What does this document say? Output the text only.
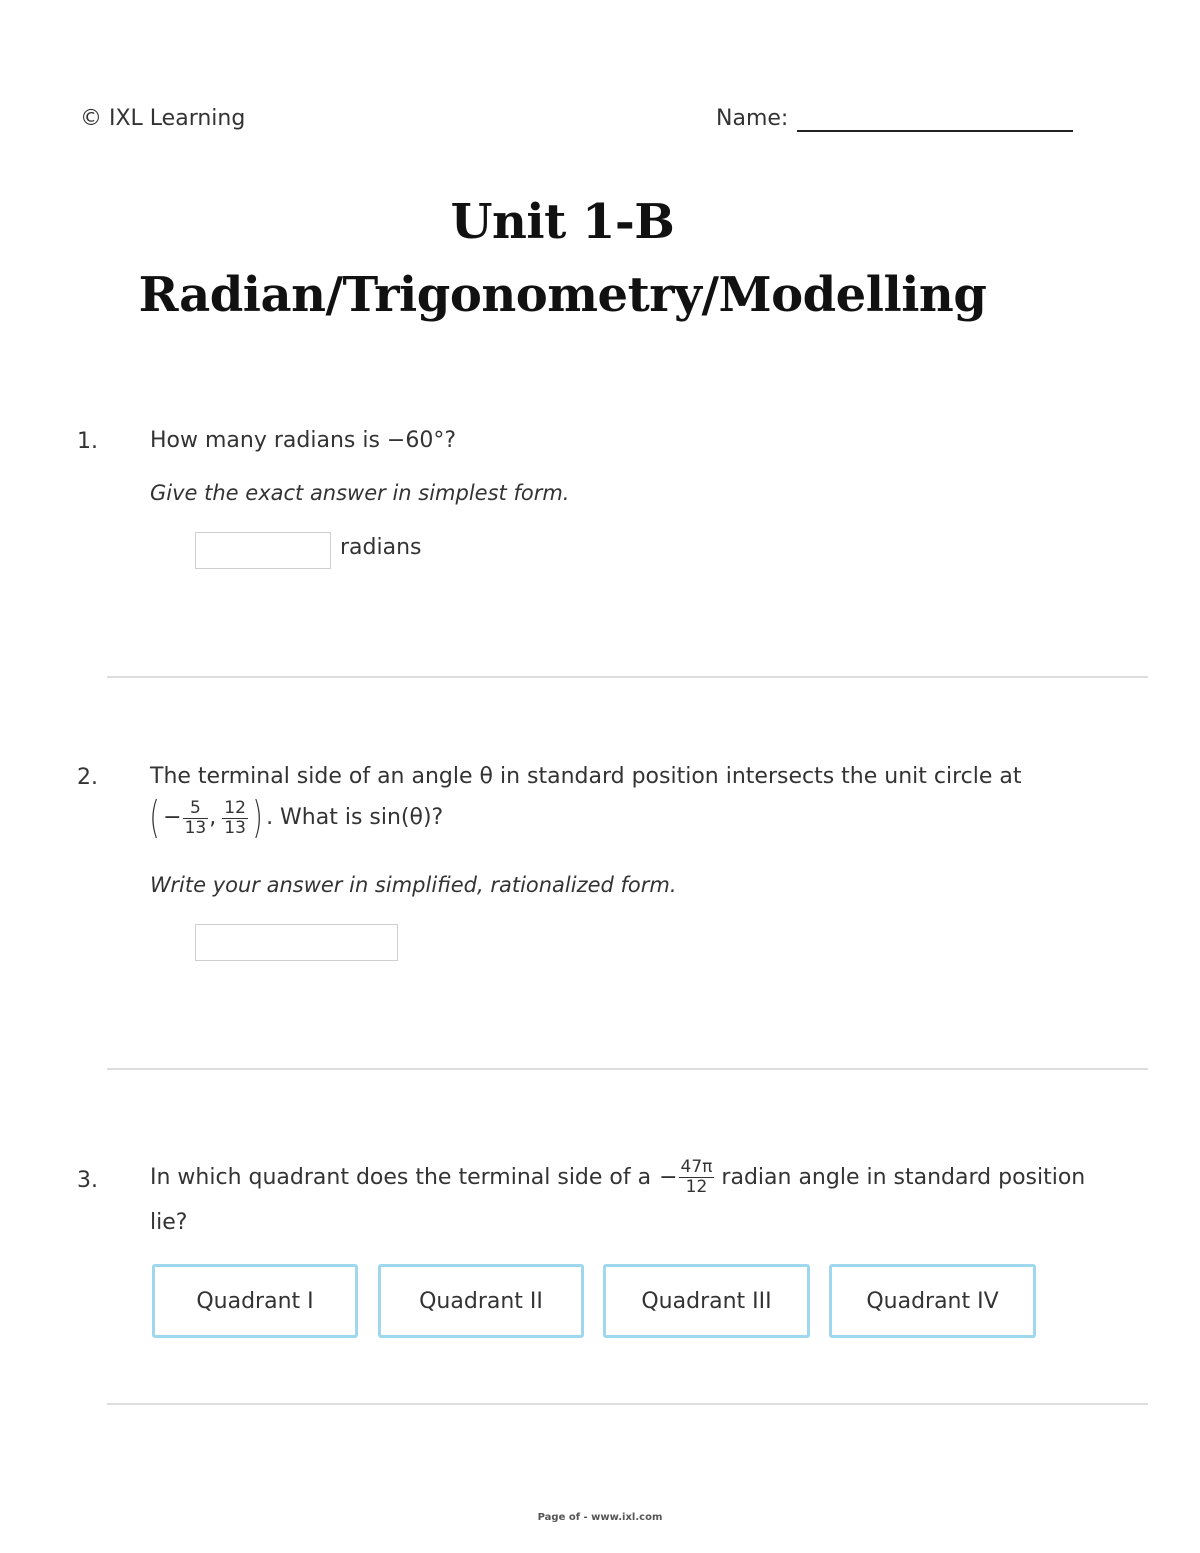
© IXL Learning	Name:
Unit 1-B
Radian/Trigonometry/Modelling
1. How many radians is −60°?
Give the exact answer in simplest form.
radians
2. The terminal side of an angle θ in standard position intersects the unit circle at
( − $\frac{5}{13}$ , $\frac{12}{13}$ ) . What is sin(θ)?
Write your answer in simplified, rationalized form.
3. In which quadrant does the terminal side of $a - \frac{47\pi}{12}$ radian angle in standard position
lie?
Quadrant I	Quadrant II	Quadrant III	Quadrant IV
Page of - www.ixl.com
